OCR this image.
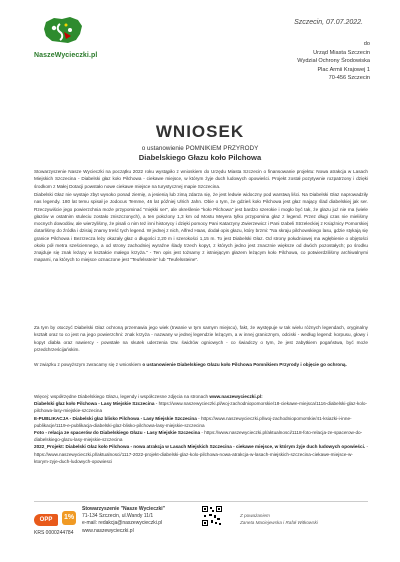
NaszeWycieczki.pl
Szczecin, 07.07.2022.
do
Urząd Miasta Szczecin
Wydział Ochrony Środowiska
Plac Armii Krajowej 1
70-456 Szczecin
WNIOSEK
o ustanowienie POMNIKIEM PRZYRODY
Diabelskiego Głazu koło Pilchowa
Stowarzyszenie Nasze Wycieczki na początku 2022 roku wystąpiło z wnioskiem do Urzędu Miasta Szczecin o finansowanie projektu: Nowa atrakcja w Lasach Miejskich Szczecina - Diabelski głaz koło Pilchowa - ciekawe miejsce, w którym żyje duch ludowych opowieści. Projekt został pozytywnie rozpatrzony i dzięki środkom z Małej Dotacji powstało nowe ciekawe miejsce na turystycznej mapie Szczecina.
Diabelski Głaz nie wystaje zbyt wysoko ponad ziemię, a jesienią lub zimą zdarza się, że jest ledwie widoczny pod warstwą liści. Na Diabelski Głaz naprowadziły nas legendy. 180 lat temu spisał je Jodocus Temme, 46 lat później Ulrich Jahn. Obie o tym, że gdzieś koło Pilchowa jest głaz mający ślad diabelskiej jak ser. Rzeczywiście jego powierzchnia może przypominać "miękki ser", ale określenie "koło Pilchowa" jest bardzo szerokie i mogło być tak, że głazu już nie ma (wiele głazów w ostatnim stuleciu zostało zniszczonych), a ten położony 1,3 km od Mostu Meyera tylko przypomina głaz z legend. Przez długi czas nie mieliśmy mocnych dowodów, ale wierzyliśmy, że pisali o nim też inni historycy i dzięki pomocy Pani Katarzyny Zwierzewicz i Pani Izabeli Strzeleckiej z Książnicy Pomorskiej dotarliśmy do źródła i dzisiaj znamy treść tych legend. W jednej z nich, Alfred Haas, dodał opis głazu, który brzmi: "Na skraju pilchowskiego lasu, gdzie stykają się granice Pilchowa i Bezrzecza leży okazały głaz o długości 2,20 m i szerokości 1,15 m. To jest Diabelski Głaz. Od strony południowej ma wgłębienie o objętości około pół metra sześciennego, a od strony zachodniej wyraźne ślady trzech kopyt, z których jedno jest znacznie większe od dwóch pozostałych; po środku znajduje się znak leżący w kształcie małego krzyża." - Ten opis jest tożsamy z istniejącym głazem leżącym koło Pilchowa, co potwierdziliśmy archiwalnymi mapami, na których to miejsce oznaczone jest "Teufelsstein" lub "Teufelssteine".
Za tym by otoczyć Diabelski Głaz ochroną przemawia jego wiek (trwanie w tym samym miejscu), fakt, że występuje w tak wielu różnych legendach, oryginalny kształt oraz to co jest na jego powierzchni: znak krzyża - nazwany w jednej legendzie leżącym, a w innej granicznym, odciski - według legend: korpusu, głowy i kopyt diabła oraz nawiercy - powstałe na skutek uderzenia tzw. świdrów ogniowych - co świadczy o tym, że jest zabytkiem pogaństwa, być może przedchrześcijańskim.
W związku z powyższym zwracamy się z wnioskiem o ustanowienie Diabelskiego Głazu koło Pilchowa Pomnikiem Przyrody i objęcie go ochroną.
Więcej: współrzędne Diabelskiego Głazu, legendy i współczesne zdjęcia na stronach www.naszewycieczki.pl:
Diabelski głaz koło Pilchowa - Lasy Miejskie Szczecina - https://www.naszewycieczki.pl/woj-zachodniopomorskie/18-ciekawe-miejsca/1116-diabelski-glaz-kolo-pilchowa-lasy-miejskie-szczecina
E-PUBLIKACJA - Diabelski głaz blisko Pilchowa - Lasy Miejskie Szczecina - https://www.naszewycieczki.pl/woj-zachodniopomorskie/41-ksiazki-i-inne-publikacje/1119-e-publikacja-diabelski-glaz-blisko-pilchowa-lasy-miejskie-szczecina
Foto - relacja ze spacerów do Diabelskiego Głazu - Lasy Miejskie Szczecina - https://www.naszewycieczki.pl/aktualnosci/1118-foto-relacja-ze-spacerow-do-diabelskiego-glazu-lasy-miejskie-szczecina
2022_Projekt: Diabelski Głaz koło Pilchowa - nowa atrakcja w Lasach Miejskich Szczecina - ciekawe miejsce, w którym żyje duch ludowych opowieści. - https://www.naszewycieczki.pl/aktualnosci/1117-2022-projekt-diabelski-glaz-kolo-pilchowa-nowa-atrakcja-w-lasach-miejskich-szczecina-ciekawe-miejsce-w-ktorym-zyje-duch-ludowych-opowiesci
OPP	1%
KRS 0000244784
Stowarzyszenie "Nasze Wycieczki"
71-134 Szczecin, ul.Wandy 11/1
e-mail: redakcja@naszewycieczki.pl
www.naszewycieczki.pl
Z poważaniem
Zaneta Maciejewska i Rafał Witkowski
